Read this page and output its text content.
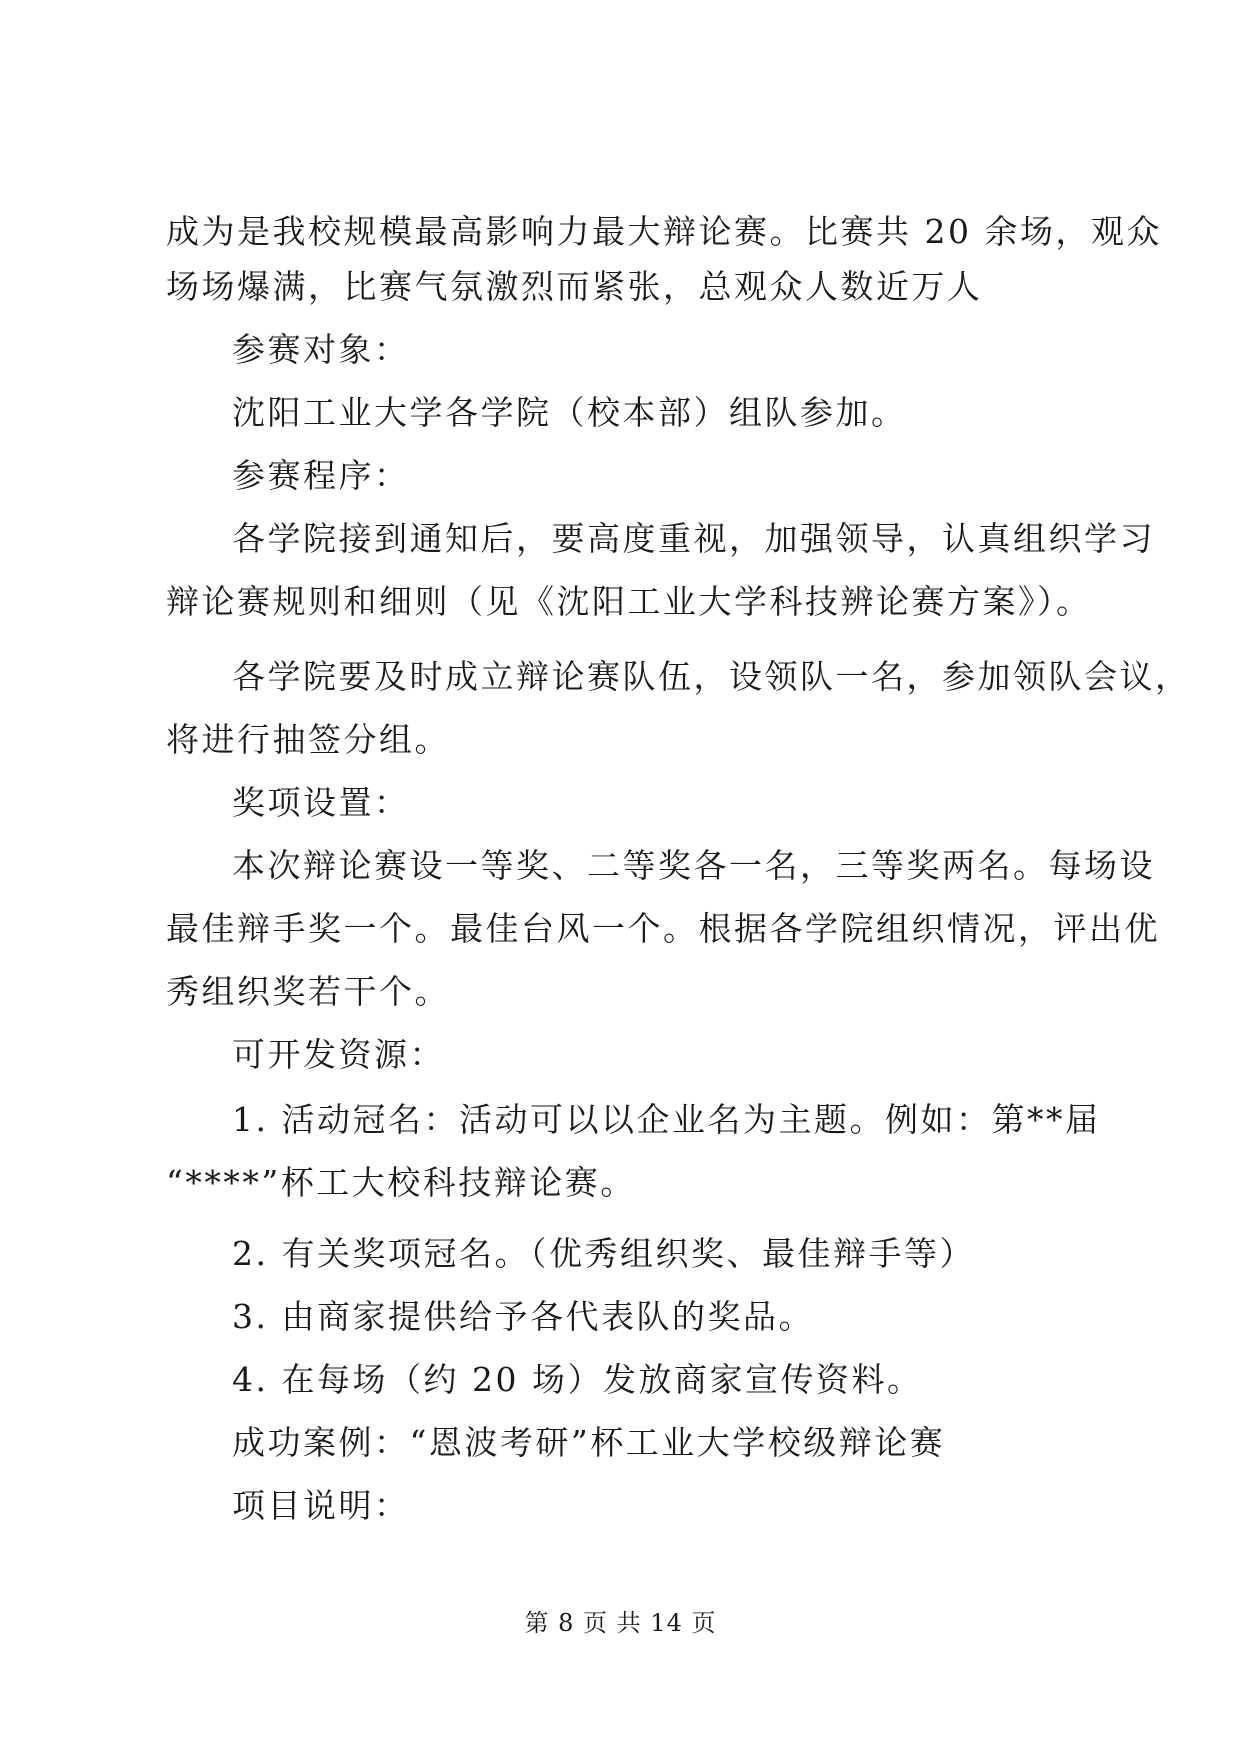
成为是我校规模最高影响力最大辩论赛。比赛共 20 余场，观众
场场爆满，比赛气氛激烈而紧张，总观众人数近万人
参赛对象：
沈阳工业大学各学院（校本部）组队参加。
参赛程序：
各学院接到通知后，要高度重视，加强领导，认真组织学习
辩论赛规则和细则（见《沈阳工业大学科技辨论赛方案》）。
各学院要及时成立辩论赛队伍，设领队一名，参加领队会议，
将进行抽签分组。
奖项设置：
本次辩论赛设一等奖、二等奖各一名，三等奖两名。每场设
最佳辩手奖一个。最佳台风一个。根据各学院组织情况，评出优
秀组织奖若干个。
可开发资源：
1. 活动冠名：活动可以以企业名为主题。例如：第**届
“****”杯工大校科技辩论赛。
2. 有关奖项冠名。（优秀组织奖、最佳辩手等）
3. 由商家提供给予各代表队的奖品。
4. 在每场（约 20 场）发放商家宣传资料。
成功案例：“恩波考研”杯工业大学校级辩论赛
项目说明：
第 8 页 共 14 页
